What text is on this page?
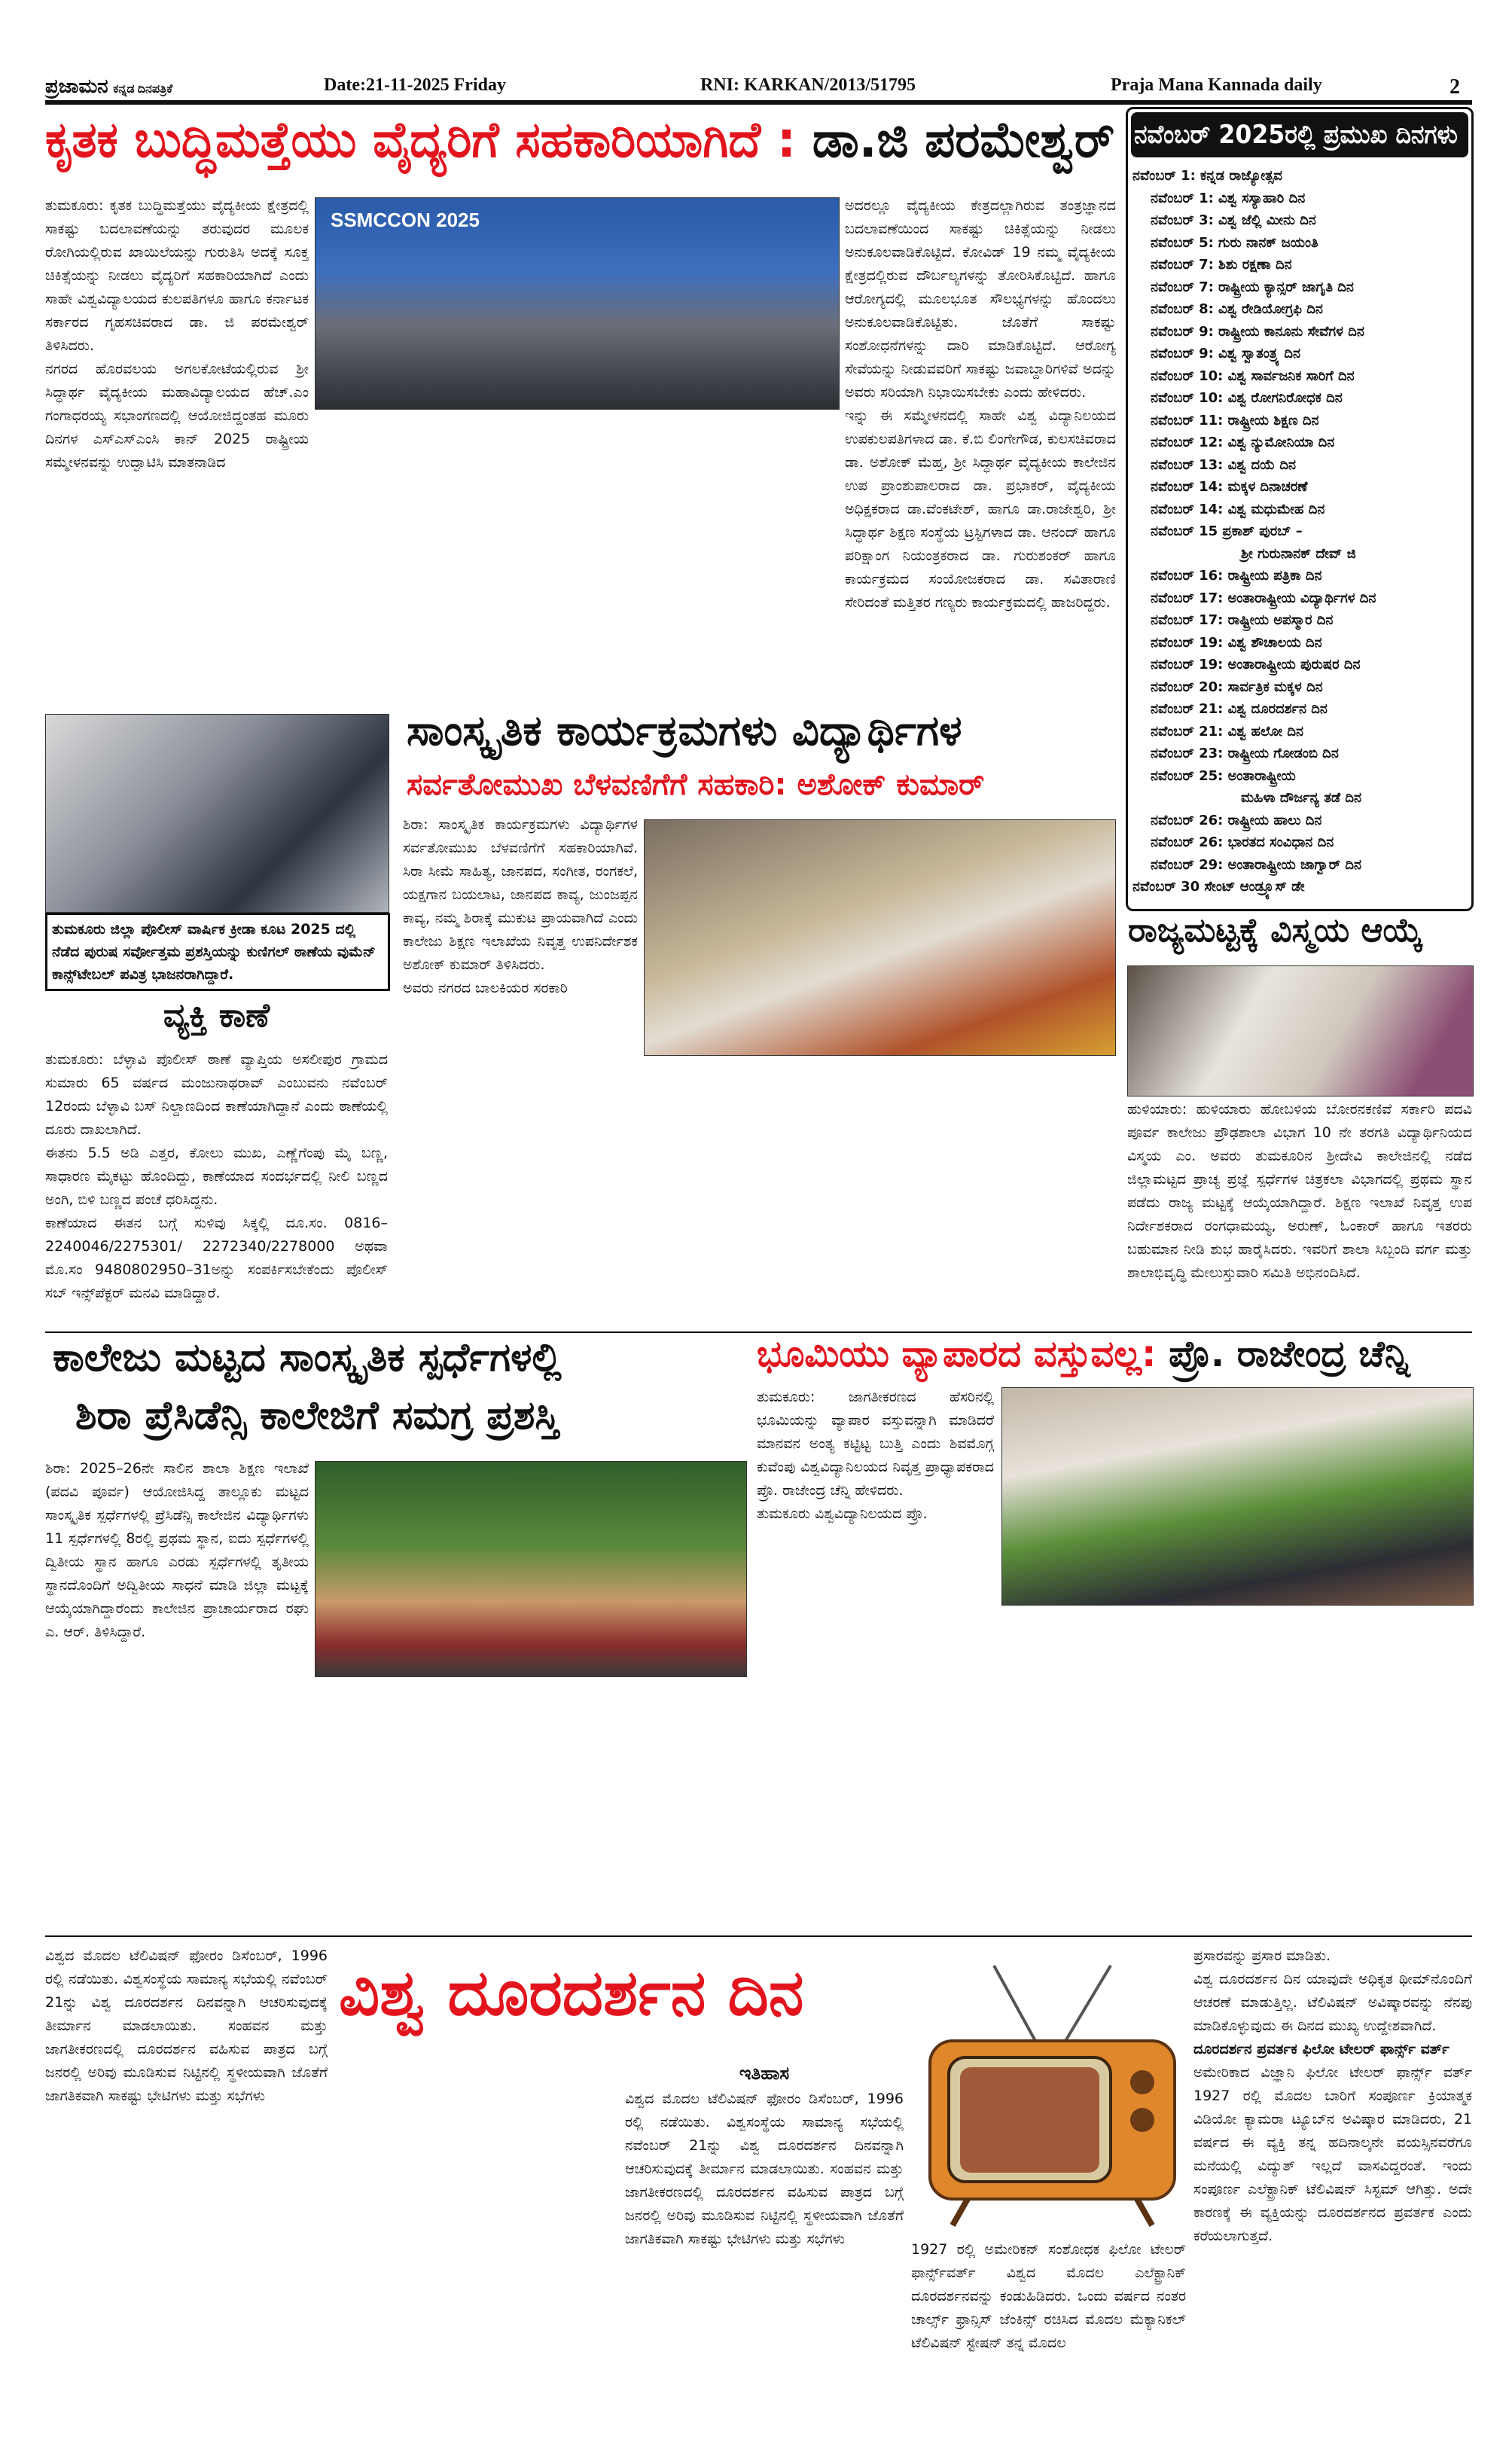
ಪ್ರಜಾಮನ ಕನ್ನಡ ದಿನಪತ್ರಿಕೆ	Date:21-11-2025 Friday	RNI: KARKAN/2013/51795	Praja Mana Kannada daily	2
ಕೃತಕ ಬುದ್ಧಿಮತ್ತೆಯು ವೈದ್ಯರಿಗೆ ಸಹಕಾರಿಯಾಗಿದೆ : ಡಾ.ಜಿ ಪರಮೇಶ್ವರ್

ತುಮಕೂರು: ಕೃತಕ ಬುದ್ಧಿಮತ್ತೆಯು ವೈದ್ಯಕೀಯ ಕ್ಷೇತ್ರದಲ್ಲಿ ಸಾಕಷ್ಟು ಬದಲಾವಣೆಯನ್ನು ತರುವುದರ ಮೂಲಕ ರೋಗಿಯಲ್ಲಿರುವ ಖಾಯಿಲೆಯನ್ನು ಗುರುತಿಸಿ ಅದಕ್ಕೆ ಸೂಕ್ತ ಚಿಕಿತ್ಸೆಯನ್ನು ನೀಡಲು ವೈದ್ಯರಿಗೆ ಸಹಕಾರಿಯಾಗಿದೆ ಎಂದು ಸಾಹೇ ವಿಶ್ವವಿದ್ಯಾಲಯದ ಕುಲಪತಿಗಳೂ ಹಾಗೂ ಕರ್ನಾಟಕ ಸರ್ಕಾರದ ಗೃಹಸಚಿವರಾದ ಡಾ. ಜಿ ಪರಮೇಶ್ವರ್ ತಿಳಿಸಿದರು.

ನಗರದ ಹೊರವಲಯ ಅಗಲಕೋಟೆಯಲ್ಲಿರುವ ಶ್ರೀ ಸಿದ್ಧಾರ್ಥ ವೈದ್ಯಕೀಯ ಮಹಾವಿದ್ಯಾಲಯದ ಹೆಚ್.ಎಂ ಗಂಗಾಧರಯ್ಯ ಸಭಾಂಗಣದಲ್ಲಿ ಆಯೋಜಿದ್ದಂತಹ ಮೂರು ದಿನಗಳ ಎಸ್‌ಎಸ್‌ಎಂಸಿ ಕಾನ್ 2025 ರಾಷ್ಟ್ರೀಯ ಸಮ್ಮೇಳನವನ್ನು ಉದ್ಘಾಟಿಸಿ ಮಾತನಾಡಿದ

SSMCCON 2025

ಅದರಲ್ಲೂ ವೈದ್ಯಕೀಯ ಕೇತ್ರದಲ್ಲಾಗಿರುವ ತಂತ್ರಜ್ಞಾನದ ಬದಲಾವಣೆಯಿಂದ ಸಾಕಷ್ಟು ಚಿಕಿತ್ಸೆಯನ್ನು ನೀಡಲು ಅನುಕೂಲವಾಡಿಕೊಟ್ಟಿದೆ. ಕೋವಿಡ್ 19 ನಮ್ಮ ವೈದ್ಯಕೀಯ ಕ್ಷೇತ್ರದಲ್ಲಿರುವ ದೌರ್ಬಲ್ಯಗಳನ್ನು ತೋರಿಸಿಕೊಟ್ಟಿದೆ. ಹಾಗೂ ಆರೋಗ್ಯದಲ್ಲಿ ಮೂಲಭೂತ ಸೌಲಭ್ಯಗಳನ್ನು ಹೊಂದಲು ಅನುಕೂಲವಾಡಿಕೊಟ್ಟಿತು. ಜೊತೆಗೆ ಸಾಕಷ್ಟು ಸಂಶೋಧನೆಗಳನ್ನು ದಾರಿ ಮಾಡಿಕೊಟ್ಟಿದೆ. ಆರೋಗ್ಯ ಸೇವೆಯನ್ನು ನೀಡುವವರಿಗೆ ಸಾಕಷ್ಟು ಜವಾಬ್ದಾರಿಗಳಿವೆ ಅದನ್ನು ಅವರು ಸರಿಯಾಗಿ ನಿಭಾಯಿಸಬೇಕು ಎಂದು ಹೇಳಿದರು.

ಇನ್ನು ಈ ಸಮ್ಮೇಳನದಲ್ಲಿ ಸಾಹೇ ವಿಶ್ವ ವಿದ್ಯಾನಿಲಯದ ಉಪಕುಲಪತಿಗಳಾದ ಡಾ. ಕೆ.ಬಿ ಲಿಂಗೇಗೌಡ, ಕುಲಸಚಿವರಾದ ಡಾ. ಅಶೋಕ್ ಮೆಹ್ತ, ಶ್ರೀ ಸಿದ್ಧಾರ್ಥ ವೈದ್ಯಕೀಯ ಕಾಲೇಜಿನ ಉಪ ಪ್ರಾಂಶುಪಾಲರಾದ ಡಾ. ಪ್ರಭಾಕರ್, ವೈದ್ಯಕೀಯ ಅಧಿಕ್ಷಕರಾದ ಡಾ.ವೆಂಕಟೇಶ್, ಹಾಗೂ ಡಾ.ರಾಜೇಶ್ವರಿ, ಶ್ರೀ ಸಿದ್ಧಾರ್ಥ ಶಿಕ್ಷಣ ಸಂಸ್ಥೆಯ ಟ್ರಸ್ಟಿಗಳಾದ ಡಾ. ಆನಂದ್ ಹಾಗೂ ಪರಿಕ್ಷಾಂಗ ನಿಯಂತ್ರಕರಾದ ಡಾ. ಗುರುಶಂಕರ್ ಹಾಗೂ ಕಾರ್ಯಕ್ರಮದ ಸಂಯೋಜಕರಾದ ಡಾ. ಸವಿತಾರಾಣಿ ಸೇರಿದಂತೆ ಮತ್ತಿತರ ಗಣ್ಯರು ಕಾರ್ಯಕ್ರಮದಲ್ಲಿ ಹಾಜರಿದ್ದರು.

ನವೆಂಬರ್ 2025ರಲ್ಲಿ ಪ್ರಮುಖ ದಿನಗಳು
ನವೆಂಬರ್ 1: ಕನ್ನಡ ರಾಜ್ಯೋತ್ಸವ
ನವೆಂಬರ್ 1: ವಿಶ್ವ ಸಸ್ಯಾಹಾರಿ ದಿನ
ನವೆಂಬರ್ 3: ವಿಶ್ವ ಜೆಲ್ಲಿ ಮೀನು ದಿನ
ನವೆಂಬರ್ 5: ಗುರು ನಾನಕ್ ಜಯಂತಿ
ನವೆಂಬರ್ 7: ಶಿಶು ರಕ್ಷಣಾ ದಿನ
ನವೆಂಬರ್ 7: ರಾಷ್ಟ್ರೀಯ ಕ್ಯಾನ್ಸರ್ ಜಾಗೃತಿ ದಿನ
ನವೆಂಬರ್ 8: ವಿಶ್ವ ರೇಡಿಯೋಗ್ರಫಿ ದಿನ
ನವೆಂಬರ್ 9: ರಾಷ್ಟ್ರೀಯ ಕಾನೂನು ಸೇವೆಗಳ ದಿನ
ನವೆಂಬರ್ 9: ವಿಶ್ವ ಸ್ವಾತಂತ್ರ್ಯ ದಿನ
ನವೆಂಬರ್ 10: ವಿಶ್ವ ಸಾರ್ವಜನಿಕ ಸಾರಿಗೆ ದಿನ
ನವೆಂಬರ್ 10: ವಿಶ್ವ ರೋಗನಿರೋಧಕ ದಿನ
ನವೆಂಬರ್ 11: ರಾಷ್ಟ್ರೀಯ ಶಿಕ್ಷಣ ದಿನ
ನವೆಂಬರ್ 12: ವಿಶ್ವ ನ್ಯುಮೋನಿಯಾ ದಿನ
ನವೆಂಬರ್ 13: ವಿಶ್ವ ದಯೆ ದಿನ
ನವೆಂಬರ್ 14: ಮಕ್ಕಳ ದಿನಾಚರಣೆ
ನವೆಂಬರ್ 14: ವಿಶ್ವ ಮಧುಮೇಹ ದಿನ
ನವೆಂಬರ್ 15 ಪ್ರಕಾಶ್ ಪುರಬ್ –
ಶ್ರೀ ಗುರುನಾನಕ್ ದೇವ್ ಜಿ
ನವೆಂಬರ್ 16: ರಾಷ್ಟ್ರೀಯ ಪತ್ರಿಕಾ ದಿನ
ನವೆಂಬರ್ 17: ಅಂತಾರಾಷ್ಟ್ರೀಯ ವಿದ್ಯಾರ್ಥಿಗಳ ದಿನ
ನವೆಂಬರ್ 17: ರಾಷ್ಟ್ರೀಯ ಅಪಸ್ಮಾರ ದಿನ
ನವೆಂಬರ್ 19: ವಿಶ್ವ ಶೌಚಾಲಯ ದಿನ
ನವೆಂಬರ್ 19: ಅಂತಾರಾಷ್ಟ್ರೀಯ ಪುರುಷರ ದಿನ
ನವೆಂಬರ್ 20: ಸಾರ್ವತ್ರಿಕ ಮಕ್ಕಳ ದಿನ
ನವೆಂಬರ್ 21: ವಿಶ್ವ ದೂರದರ್ಶನ ದಿನ
ನವೆಂಬರ್ 21: ವಿಶ್ವ ಹಲೋ ದಿನ
ನವೆಂಬರ್ 23: ರಾಷ್ಟ್ರೀಯ ಗೋಡಂಬಿ ದಿನ
ನವೆಂಬರ್ 25: ಅಂತಾರಾಷ್ಟ್ರೀಯ
ಮಹಿಳಾ ದೌರ್ಜನ್ಯ ತಡೆ ದಿನ
ನವೆಂಬರ್ 26: ರಾಷ್ಟ್ರೀಯ ಹಾಲು ದಿನ
ನವೆಂಬರ್ 26: ಭಾರತದ ಸಂವಿಧಾನ ದಿನ
ನವೆಂಬರ್ 29: ಅಂತಾರಾಷ್ಟ್ರೀಯ ಜಾಗ್ವಾರ್ ದಿನ
ನವೆಂಬರ್ 30 ಸೇಂಟ್ ಆಂಡ್ರ್ಯೂಸ್ ಡೇ
ತುಮಕೂರು ಜಿಲ್ಲಾ ಪೊಲೀಸ್ ವಾರ್ಷಿಕ ಕ್ರೀಡಾ ಕೂಟ 2025 ದಲ್ಲಿ ನೆಡೆದ ಪುರುಷ ಸರ್ವೋತ್ತಮ ಪ್ರಶಸ್ತಿಯನ್ನು ಕುಣಿಗಲ್ ಠಾಣೆಯ ವುಮೆನ್ ಕಾನ್ಸ್‌ಟೇಬಲ್ ಪವಿತ್ರ ಭಾಜನರಾಗಿದ್ದಾರೆ.
ವ್ಯಕ್ತಿ ಕಾಣೆ

ತುಮಕೂರು: ಬೆಳ್ಳಾವಿ ಪೊಲೀಸ್ ಠಾಣೆ ವ್ಯಾಪ್ತಿಯ ಅಸಲೀಪುರ ಗ್ರಾಮದ ಸುಮಾರು 65 ವರ್ಷದ ಮಂಜುನಾಥರಾವ್ ಎಂಬುವನು ನವೆಂಬರ್ 12ರಂದು ಬೆಳ್ಳಾವಿ ಬಸ್ ನಿಲ್ದಾಣದಿಂದ ಕಾಣೆಯಾಗಿದ್ದಾನೆ ಎಂದು ಠಾಣೆಯಲ್ಲಿ ದೂರು ದಾಖಲಾಗಿದೆ.

ಈತನು 5.5 ಅಡಿ ಎತ್ತರ, ಕೋಲು ಮುಖ, ಎಣ್ಣೆಗೆಂಪು ಮೈ ಬಣ್ಣ, ಸಾಧಾರಣ ಮೈಕಟ್ಟು ಹೊಂದಿದ್ದು, ಕಾಣೆಯಾದ ಸಂದರ್ಭದಲ್ಲಿ ನೀಲಿ ಬಣ್ಣದ ಅಂಗಿ, ಬಿಳಿ ಬಣ್ಣದ ಪಂಚೆ ಧರಿಸಿದ್ದನು.

ಕಾಣೆಯಾದ ಈತನ ಬಗ್ಗೆ ಸುಳಿವು ಸಿಕ್ಕಲ್ಲಿ ದೂ.ಸಂ. 0816–2240046/2275301/ 2272340/2278000 ಅಥವಾ ಮೊ.ಸಂ 9480802950–31ಅನ್ನು ಸಂಪರ್ಕಿಸಬೇಕೆಂದು ಪೊಲೀಸ್ ಸಬ್ ಇನ್ಸ್‌ಪೆಕ್ಟರ್ ಮನವಿ ಮಾಡಿದ್ದಾರೆ.

ಸಾಂಸ್ಕೃತಿಕ ಕಾರ್ಯಕ್ರಮಗಳು ವಿದ್ಯಾರ್ಥಿಗಳ
ಸರ್ವತೋಮುಖ ಬೆಳವಣಿಗೆಗೆ ಸಹಕಾರಿ: ಅಶೋಕ್ ಕುಮಾರ್

ಶಿರಾ: ಸಾಂಸ್ಕೃತಿಕ ಕಾರ್ಯಕ್ರಮಗಳು ವಿದ್ಯಾರ್ಥಿಗಳ ಸರ್ವತೋಮುಖ ಬೆಳವಣಿಗೆಗೆ ಸಹಕಾರಿಯಾಗಿವೆ. ಸಿರಾ ಸೀಮೆ ಸಾಹಿತ್ಯ, ಜಾನಪದ, ಸಂಗೀತ, ರಂಗಕಲೆ, ಯಕ್ಷಗಾನ ಬಯಲಾಟ, ಜಾನಪದ ಕಾವ್ಯ, ಜುಂಜಪ್ಪನ ಕಾವ್ಯ, ನಮ್ಮ ಶಿರಾಕ್ಕೆ ಮುಕುಟ ಪ್ರಾಯವಾಗಿದೆ ಎಂದು ಕಾಲೇಜು ಶಿಕ್ಷಣ ಇಲಾಖೆಯ ನಿವೃತ್ತ ಉಪನಿರ್ದೇಶಕ ಅಶೋಕ್ ಕುಮಾರ್ ತಿಳಿಸಿದರು.

ಅವರು ನಗರದ ಬಾಲಕಿಯರ ಸರಕಾರಿ

ರಾಜ್ಯಮಟ್ಟಕ್ಕೆ ವಿಸ್ಮಯ ಆಯ್ಕೆ
ಹುಳಿಯಾರು: ಹುಳಿಯಾರು ಹೋಬಳಿಯ ಬೋರನಕಣಿವೆ ಸರ್ಕಾರಿ ಪದವಿ ಪೂರ್ವ ಕಾಲೇಜು ಪ್ರೌಢಶಾಲಾ ವಿಭಾಗ 10 ನೇ ತರಗತಿ ವಿದ್ಯಾರ್ಥಿನಿಯದ ವಿಸ್ಮಯ ಎಂ. ಅವರು ತುಮಕೂರಿನ ಶ್ರೀದೇವಿ ಕಾಲೇಜಿನಲ್ಲಿ ನಡೆದ ಜಿಲ್ಲಾಮಟ್ಟದ ಪ್ರಾಚ್ಯ ಪ್ರಜ್ಞೆ ಸ್ಪರ್ಧೆಗಳ ಚಿತ್ರಕಲಾ ವಿಭಾಗದಲ್ಲಿ ಪ್ರಥಮ ಸ್ಥಾನ ಪಡೆದು ರಾಜ್ಯ ಮಟ್ಟಕ್ಕೆ ಆಯ್ಕೆಯಾಗಿದ್ದಾರೆ. ಶಿಕ್ಷಣ ಇಲಾಖೆ ನಿವೃತ್ತ ಉಪ ನಿರ್ದೇಶಕರಾದ ರಂಗಧಾಮಯ್ಯ, ಅರುಣ್, ಓಂಕಾರ್ ಹಾಗೂ ಇತರರು ಬಹುಮಾನ ನೀಡಿ ಶುಭ ಹಾರೈಸಿದರು. ಇವರಿಗೆ ಶಾಲಾ ಸಿಬ್ಬಂದಿ ವರ್ಗ ಮತ್ತು ಶಾಲಾಭಿವೃದ್ಧಿ ಮೇಲುಸ್ತುವಾರಿ ಸಮಿತಿ ಅಭಿನಂದಿಸಿದೆ.
ಕಾಲೇಜು ಮಟ್ಟದ ಸಾಂಸ್ಕೃತಿಕ ಸ್ಪರ್ಧೆಗಳಲ್ಲಿ
ಶಿರಾ ಪ್ರೆಸಿಡೆನ್ಸಿ ಕಾಲೇಜಿಗೆ ಸಮಗ್ರ ಪ್ರಶಸ್ತಿ
ಶಿರಾ: 2025–26ನೇ ಸಾಲಿನ ಶಾಲಾ ಶಿಕ್ಷಣ ಇಲಾಖೆ (ಪದವಿ ಪೂರ್ವ) ಆಯೋಜಿಸಿದ್ದ ತಾಲ್ಲೂಕು ಮಟ್ಟದ ಸಾಂಸ್ಕೃತಿಕ ಸ್ಪರ್ಧೆಗಳಲ್ಲಿ ಪ್ರೆಸಿಡೆನ್ಸಿ ಕಾಲೇಜಿನ ವಿದ್ಯಾರ್ಥಿಗಳು 11 ಸ್ಪರ್ಧೆಗಳಲ್ಲಿ 8ರಲ್ಲಿ ಪ್ರಥಮ ಸ್ಥಾನ, ಐದು ಸ್ಪರ್ಧೆಗಳಲ್ಲಿ ದ್ವಿತೀಯ ಸ್ಥಾನ ಹಾಗೂ ಎರಡು ಸ್ಪರ್ಧೆಗಳಲ್ಲಿ ತೃತೀಯ ಸ್ಥಾನದೊಂದಿಗೆ ಅದ್ವಿತೀಯ ಸಾಧನೆ ಮಾಡಿ ಜಿಲ್ಲಾ ಮಟ್ಟಕ್ಕೆ ಆಯ್ಕೆಯಾಗಿದ್ದಾರೆಂದು ಕಾಲೇಜಿನ ಪ್ರಾಚಾರ್ಯರಾದ ರಘು ಎ. ಆರ್. ತಿಳಿಸಿದ್ದಾರೆ.
ಭೂಮಿಯು ವ್ಯಾಪಾರದ ವಸ್ತುವಲ್ಲ: ಪ್ರೊ. ರಾಜೇಂದ್ರ ಚೆನ್ನಿ

ತುಮಕೂರು: ಜಾಗತೀಕರಣದ ಹೆಸರಿನಲ್ಲಿ ಭೂಮಿಯನ್ನು ವ್ಯಾಪಾರ ವಸ್ತುವನ್ನಾಗಿ ಮಾಡಿದರೆ ಮಾನವನ ಅಂತ್ಯ ಕಟ್ಟಿಟ್ಟ ಬುತ್ತಿ ಎಂದು ಶಿವಮೊಗ್ಗ ಕುವೆಂಪು ವಿಶ್ವವಿದ್ಯಾನಿಲಯದ ನಿವೃತ್ತ ಪ್ರಾಧ್ಯಾಪಕರಾದ ಪ್ರೊ. ರಾಜೇಂದ್ರ ಚೆನ್ನಿ ಹೇಳಿದರು.

ತುಮಕೂರು ವಿಶ್ವವಿದ್ಯಾನಿಲಯದ ಪ್ರೊ.

ವಿಶ್ವದ ಮೊದಲ ಟೆಲಿವಿಷನ್ ಫೋರಂ ಡಿಸೆಂಬರ್, 1996 ರಲ್ಲಿ ನಡೆಯಿತು. ವಿಶ್ವಸಂಸ್ಥೆಯ ಸಾಮಾನ್ಯ ಸಭೆಯಲ್ಲಿ ನವೆಂಬರ್ 21ನ್ನು ವಿಶ್ವ ದೂರದರ್ಶನ ದಿನವನ್ನಾಗಿ ಆಚರಿಸುವುದಕ್ಕೆ ತೀರ್ಮಾನ ಮಾಡಲಾಯಿತು. ಸಂಹವನ ಮತ್ತು ಜಾಗತೀಕರಣದಲ್ಲಿ ದೂರದರ್ಶನ ವಹಿಸುವ ಪಾತ್ರದ ಬಗ್ಗೆ ಜನರಲ್ಲಿ ಅರಿವು ಮೂಡಿಸುವ ನಿಟ್ಟಿನಲ್ಲಿ ಸ್ಥಳೀಯವಾಗಿ ಜೊತೆಗೆ ಜಾಗತಿಕವಾಗಿ ಸಾಕಷ್ಟು ಭೇಟಿಗಳು ಮತ್ತು ಸಭೆಗಳು
ವಿಶ್ವ ದೂರದರ್ಶನ ದಿನ
ಇತಿಹಾಸ
ವಿಶ್ವದ ಮೊದಲ ಟೆಲಿವಿಷನ್ ಫೋರಂ ಡಿಸೆಂಬರ್, 1996 ರಲ್ಲಿ ನಡೆಯಿತು. ವಿಶ್ವಸಂಸ್ಥೆಯ ಸಾಮಾನ್ಯ ಸಭೆಯಲ್ಲಿ ನವೆಂಬರ್ 21ನ್ನು ವಿಶ್ವ ದೂರದರ್ಶನ ದಿನವನ್ನಾಗಿ ಆಚರಿಸುವುದಕ್ಕೆ ತೀರ್ಮಾನ ಮಾಡಲಾಯಿತು. ಸಂಹವನ ಮತ್ತು ಜಾಗತೀಕರಣದಲ್ಲಿ ದೂರದರ್ಶನ ವಹಿಸುವ ಪಾತ್ರದ ಬಗ್ಗೆ ಜನರಲ್ಲಿ ಅರಿವು ಮೂಡಿಸುವ ನಿಟ್ಟಿನಲ್ಲಿ ಸ್ಥಳೀಯವಾಗಿ ಜೊತೆಗೆ ಜಾಗತಿಕವಾಗಿ ಸಾಕಷ್ಟು ಭೇಟಿಗಳು ಮತ್ತು ಸಭೆಗಳು
1927 ರಲ್ಲಿ ಅಮೇರಿಕನ್ ಸಂಶೋಧಕ ಫಿಲೋ ಟೇಲರ್ ಫಾರ್ನ್ಸ್‌ವರ್ತ್ ವಿಶ್ವದ ಮೊದಲ ಎಲೆಕ್ಟ್ರಾನಿಕ್ ದೂರದರ್ಶನವನ್ನು ಕಂಡುಹಿಡಿದರು. ಒಂದು ವರ್ಷದ ನಂತರ ಚಾರ್ಲ್ಸ್ ಫ್ರಾನ್ಸಿಸ್ ಜೆಂಕಿನ್ಸ್ ರಚಿಸಿದ ಮೊದಲ ಮೆಕ್ಯಾನಿಕಲ್ ಟೆಲಿವಿಷನ್ ಸ್ಟೇಷನ್ ತನ್ನ ಮೊದಲ

ಪ್ರಸಾರವನ್ನು ಪ್ರಸಾರ ಮಾಡಿತು.

ವಿಶ್ವ ದೂರದರ್ಶನ ದಿನ ಯಾವುದೇ ಅಧಿಕೃತ ಥೀಮ್‌ನೊಂದಿಗೆ ಆಚರಣೆ ಮಾಡುತ್ತಿಲ್ಲ. ಟೆಲಿವಿಷನ್ ಅವಿಷ್ಕಾರವನ್ನು ನೆನಪು ಮಾಡಿಕೊಳ್ಳುವುದು ಈ ದಿನದ ಮುಖ್ಯ ಉದ್ದೇಶವಾಗಿದೆ.

ದೂರದರ್ಶನ ಪ್ರವರ್ತಕ ಫಿಲೋ ಟೇಲರ್ ಫಾರ್ನ್ಸ್ ವರ್ತ್

ಅಮೇರಿಕಾದ ವಿಜ್ಞಾನಿ ಫಿಲೋ ಟೇಲರ್ ಫಾರ್ನ್ಸ್ ವರ್ತ್ 1927 ರಲ್ಲಿ ಮೊದಲ ಬಾರಿಗೆ ಸಂಪೂರ್ಣ ಕ್ರಿಯಾತ್ಮಕ ವಿಡಿಯೋ ಕ್ಯಾಮರಾ ಟ್ಯೂಬ್‌ನ ಅವಿಷ್ಕಾರ ಮಾಡಿದರು, 21 ವರ್ಷದ ಈ ವ್ಯಕ್ತಿ ತನ್ನ ಹದಿನಾಲ್ಕನೇ ವಯಸ್ಸಿನವರೆಗೂ ಮನೆಯಲ್ಲಿ ವಿದ್ಯುತ್ ಇಲ್ಲದೆ ವಾಸವಿದ್ದರಂತೆ. ಇಂದು ಸಂಪೂರ್ಣ ಎಲೆಕ್ಟ್ರಾನಿಕ್ ಟೆಲಿವಿಷನ್ ಸಿಸ್ಟಮ್ ಆಗಿತ್ತು. ಅದೇ ಕಾರಣಕ್ಕೆ ಈ ವ್ಯಕ್ತಿಯನ್ನು ದೂರದರ್ಶನದ ಪ್ರವರ್ತಕ ಎಂದು ಕರೆಯಲಾಗುತ್ತದೆ.
